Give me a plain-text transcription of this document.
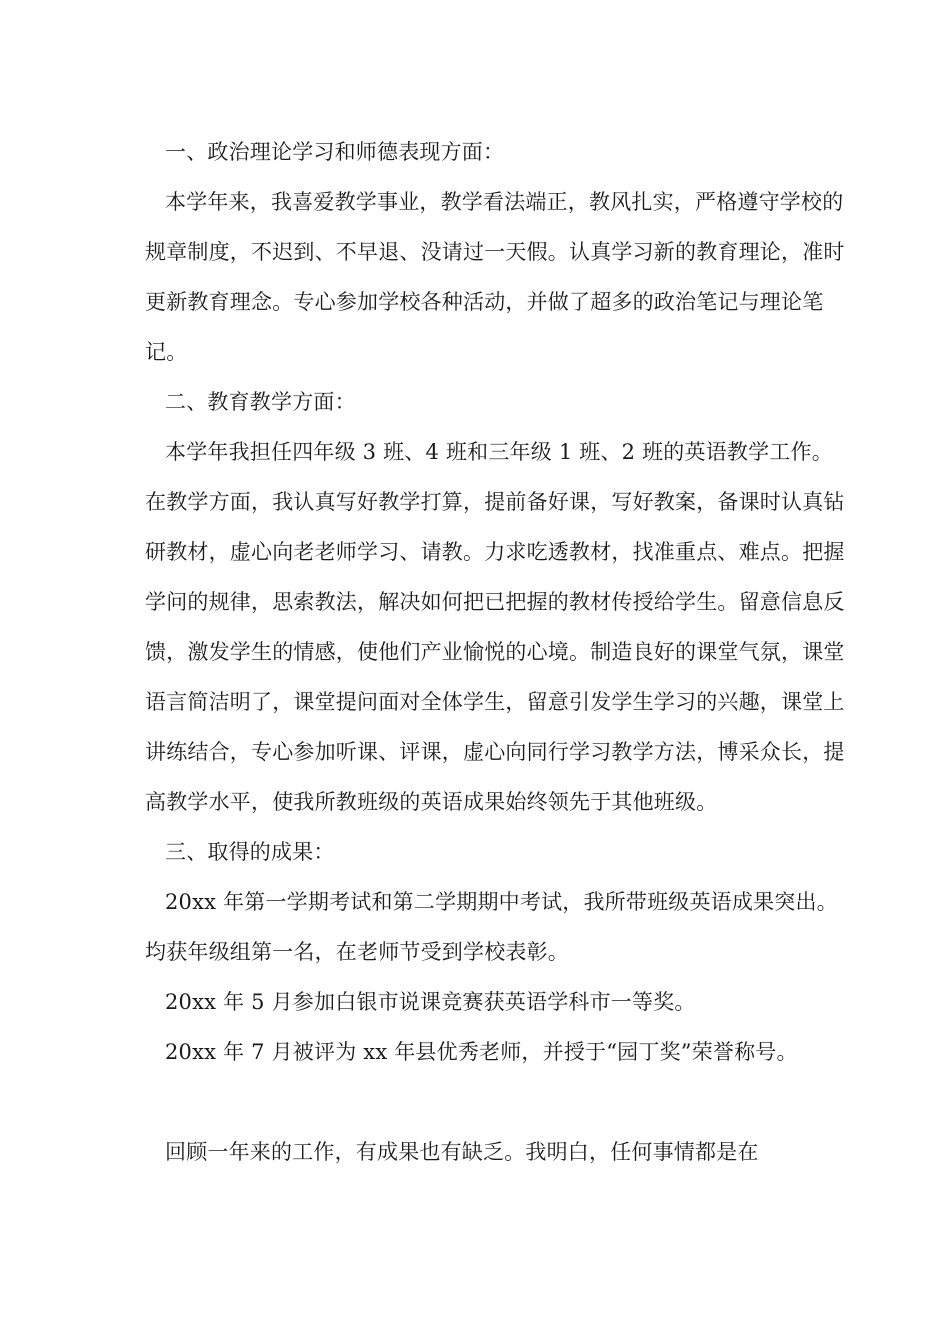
一、政治理论学习和师德表现方面：

本学年来，我喜爱教学事业，教学看法端正，教风扎实，严格遵守学校的规章制度，不迟到、不早退、没请过一天假。认真学习新的教育理论，准时更新教育理念。专心参加学校各种活动，并做了超多的政治笔记与理论笔记。

二、教育教学方面：

本学年我担任四年级 3 班、4 班和三年级 1 班、2 班的英语教学工作。在教学方面，我认真写好教学打算，提前备好课，写好教案，备课时认真钻研教材，虚心向老老师学习、请教。力求吃透教材，找准重点、难点。把握学问的规律，思索教法，解决如何把已把握的教材传授给学生。留意信息反馈，激发学生的情感，使他们产业愉悦的心境。制造良好的课堂气氛，课堂语言简洁明了，课堂提问面对全体学生，留意引发学生学习的兴趣，课堂上讲练结合，专心参加听课、评课，虚心向同行学习教学方法，博采众长，提高教学水平，使我所教班级的英语成果始终领先于其他班级。

三、取得的成果：

20xx 年第一学期考试和第二学期期中考试，我所带班级英语成果突出。均获年级组第一名，在老师节受到学校表彰。

20xx 年 5 月参加白银市说课竞赛获英语学科市一等奖。

20xx 年 7 月被评为 xx 年县优秀老师，并授于“园丁奖”荣誉称号。

回顾一年来的工作，有成果也有缺乏。我明白，任何事情都是在
